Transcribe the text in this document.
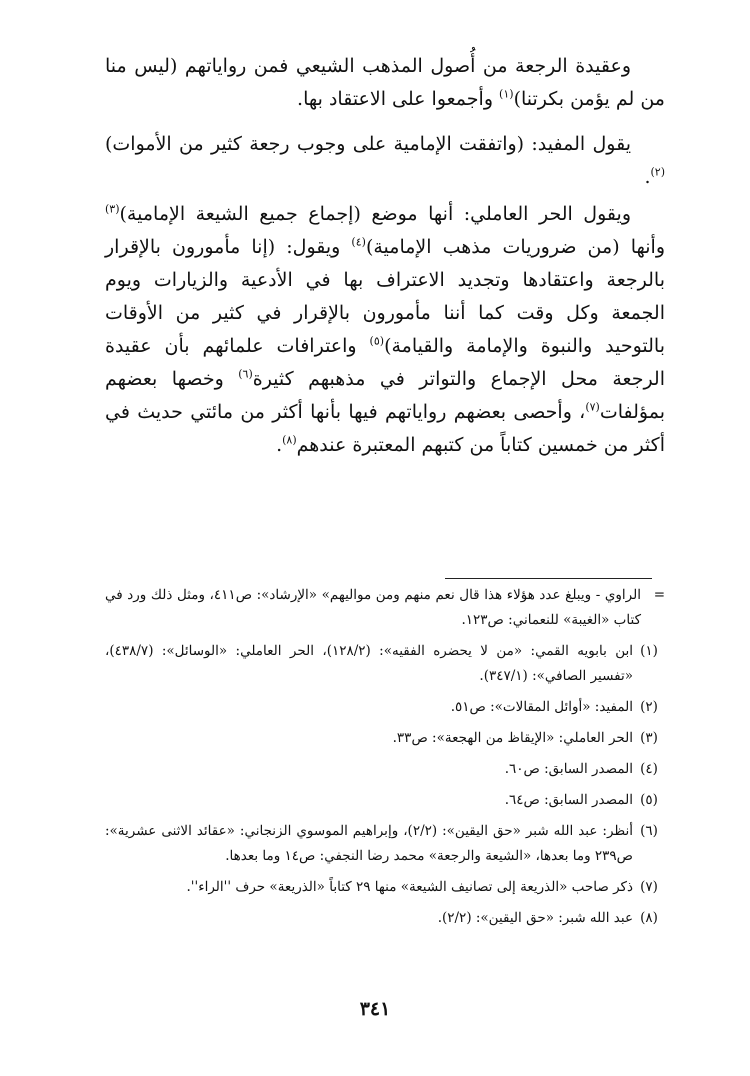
وعقيدة الرجعة من أُصول المذهب الشيعي فمن رواياتهم (ليس منا من لم يؤمن بكرتنا)$^{(١)}$ وأجمعوا على الاعتقاد بها.

يقول المفيد: (واتفقت الإمامية على وجوب رجعة كثير من الأموات)$^{(٢)}$.

ويقول الحر العاملي: أنها موضع (إجماع جميع الشيعة الإمامية)$^{(٣)}$ وأنها (من ضروريات مذهب الإمامية)$^{(٤)}$ ويقول: (إنا مأمورون بالإقرار بالرجعة واعتقادها وتجديد الاعتراف بها في الأدعية والزيارات ويوم الجمعة وكل وقت كما أننا مأمورون بالإقرار في كثير من الأوقات بالتوحيد والنبوة والإمامة والقيامة)$^{(٥)}$ واعترافات علمائهم بأن عقيدة الرجعة محل الإجماع والتواتر في مذهبهم كثيرة$^{(٦)}$ وخصها بعضهم بمؤلفات$^{(٧)}$، وأحصى بعضهم رواياتهم فيها بأنها أكثر من مائتي حديث في أكثر من خمسين كتاباً من كتبهم المعتبرة عندهم$^{(٨)}$.

=
الراوي - ويبلغ عدد هؤلاء هذا قال نعم منهم ومن مواليهم» «الإرشاد»: ص٤١١، ومثل ذلك ورد في كتاب «الغيبة» للنعماني: ص١٢٣.
(١)
ابن بابويه القمي: «من لا يحضره الفقيه»: (١٢٨/٢)، الحر العاملي: «الوسائل»: (٤٣٨/٧)، «تفسير الصافي»: (٣٤٧/١).
(٢)
المفيد: «أوائل المقالات»: ص٥١.
(٣)
الحر العاملي: «الإيقاظ من الهجعة»: ص٣٣.
(٤)
المصدر السابق: ص٦٠.
(٥)
المصدر السابق: ص٦٤.
(٦)
أنظر: عبد الله شبر «حق اليقين»: (٢/٢)، وإبراهيم الموسوي الزنجاني: «عقائد الاثنى عشرية»: ص٢٣٩ وما بعدها، «الشيعة والرجعة» محمد رضا النجفي: ص١٤ وما بعدها.
(٧)
ذكر صاحب «الذريعة إلى تصانيف الشيعة» منها ٢٩ كتاباً «الذريعة» حرف ''الراء''.
(٨)
عبد الله شبر: «حق اليقين»: (٢/٢).
٣٤١
